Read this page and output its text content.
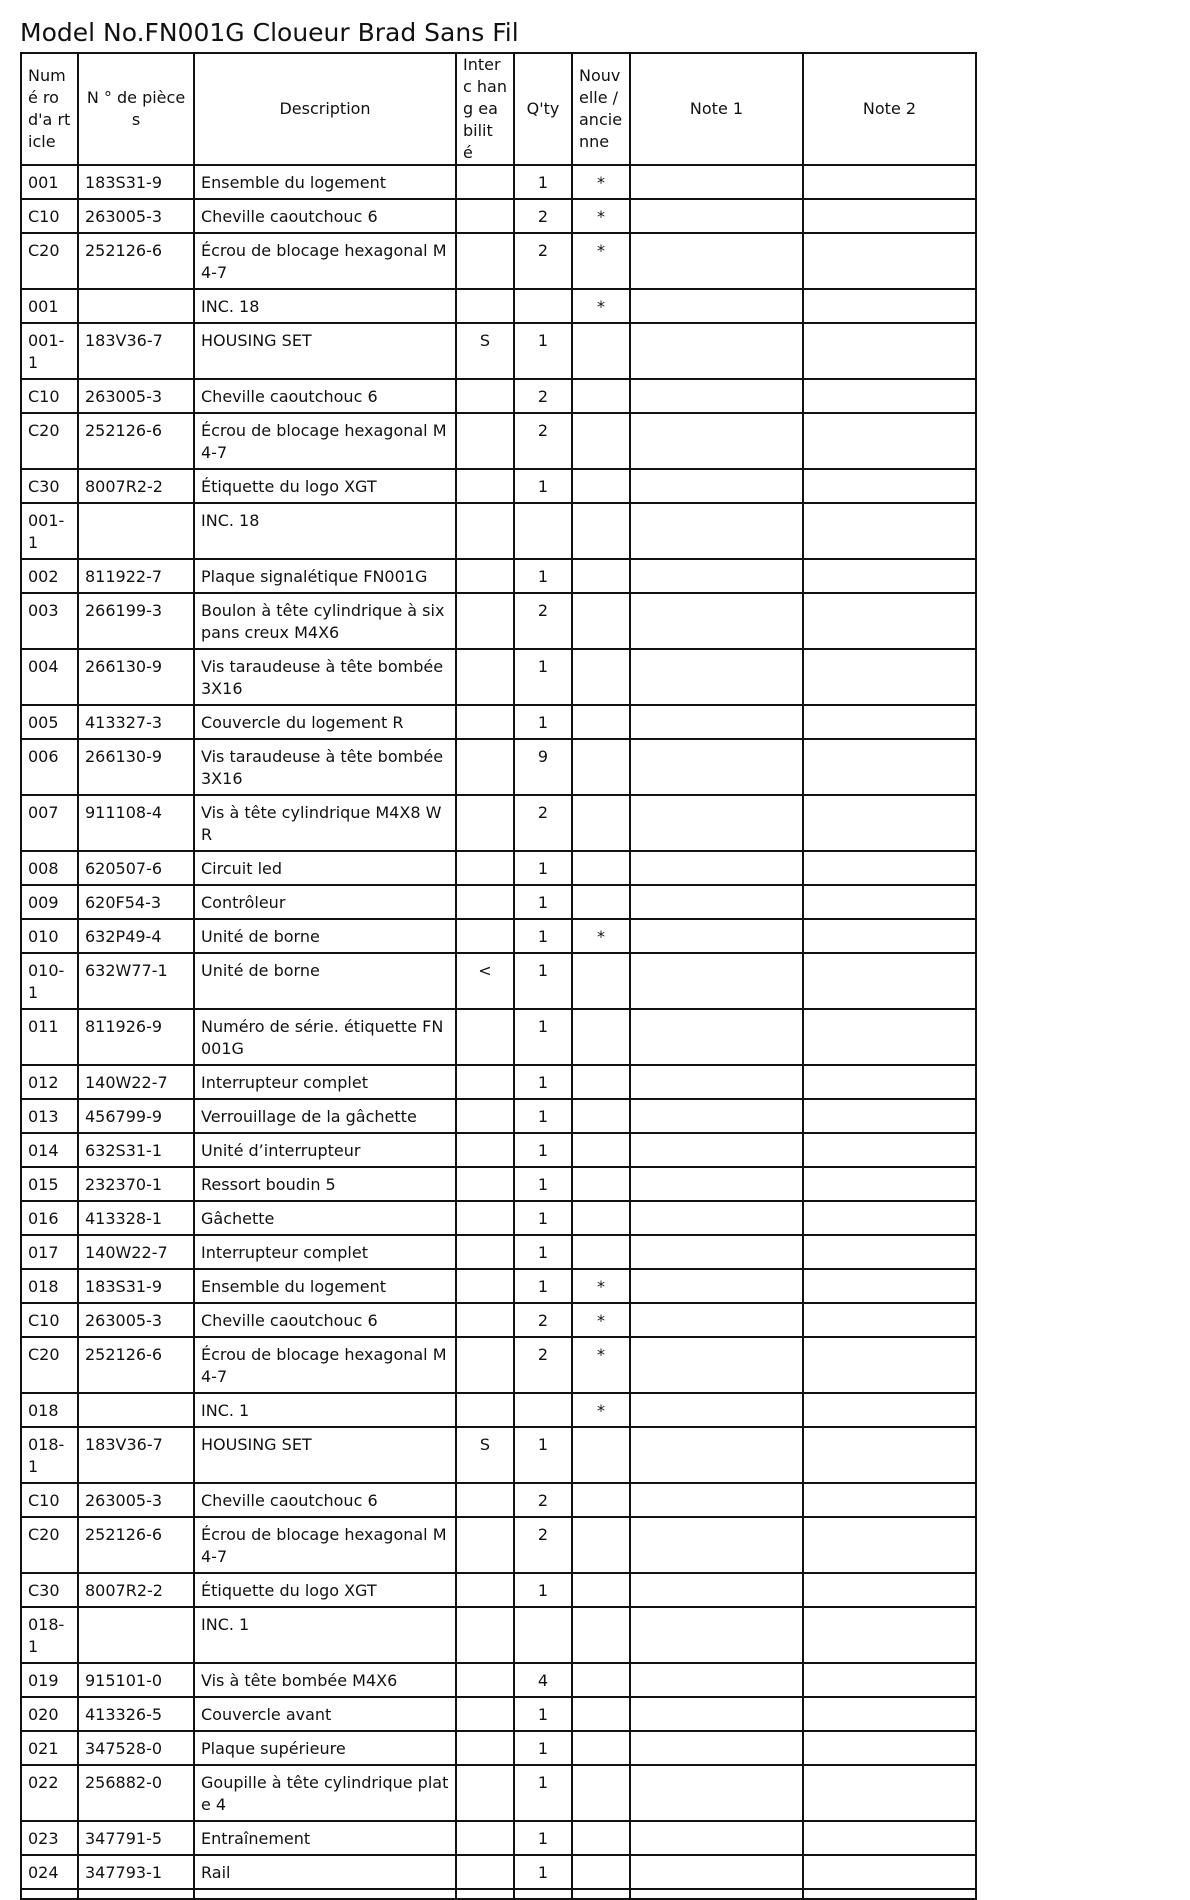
Model No.FN001G Cloueur Brad Sans Fil
Numé ro d'a rticle	N ° de pièces	Description	Interc hang eabilit é	Q'ty	Nouv elle / ancie nne	Note 1	Note 2
001	183S31-9	Ensemble du logement		1	*		
C10	263005-3	Cheville caoutchouc 6		2	*		
C20	252126-6	Écrou de blocage hexagonal M4-7		2	*		
001		INC. 18			*		
001-1	183V36-7	HOUSING SET	S	1			
C10	263005-3	Cheville caoutchouc 6		2			
C20	252126-6	Écrou de blocage hexagonal M4-7		2			
C30	8007R2-2	Étiquette du logo XGT		1			
001-1		INC. 18					
002	811922-7	Plaque signalétique FN001G		1			
003	266199-3	Boulon à tête cylindrique à six pans creux M4X6		2			
004	266130-9	Vis taraudeuse à tête bombée 3X16		1			
005	413327-3	Couvercle du logement R		1			
006	266130-9	Vis taraudeuse à tête bombée 3X16		9			
007	911108-4	Vis à tête cylindrique M4X8 WR		2			
008	620507-6	Circuit led		1			
009	620F54-3	Contrôleur		1			
010	632P49-4	Unité de borne		1	*		
010-1	632W77-1	Unité de borne	<	1			
011	811926-9	Numéro de série. étiquette FN001G		1			
012	140W22-7	Interrupteur complet		1			
013	456799-9	Verrouillage de la gâchette		1			
014	632S31-1	Unité d’interrupteur		1			
015	232370-1	Ressort boudin 5		1			
016	413328-1	Gâchette		1			
017	140W22-7	Interrupteur complet		1			
018	183S31-9	Ensemble du logement		1	*		
C10	263005-3	Cheville caoutchouc 6		2	*		
C20	252126-6	Écrou de blocage hexagonal M4-7		2	*		
018		INC. 1			*		
018-1	183V36-7	HOUSING SET	S	1			
C10	263005-3	Cheville caoutchouc 6		2			
C20	252126-6	Écrou de blocage hexagonal M4-7		2			
C30	8007R2-2	Étiquette du logo XGT		1			
018-1		INC. 1					
019	915101-0	Vis à tête bombée M4X6		4			
020	413326-5	Couvercle avant		1			
021	347528-0	Plaque supérieure		1			
022	256882-0	Goupille à tête cylindrique plate 4		1			
023	347791-5	Entraînement		1			
024	347793-1	Rail		1			
